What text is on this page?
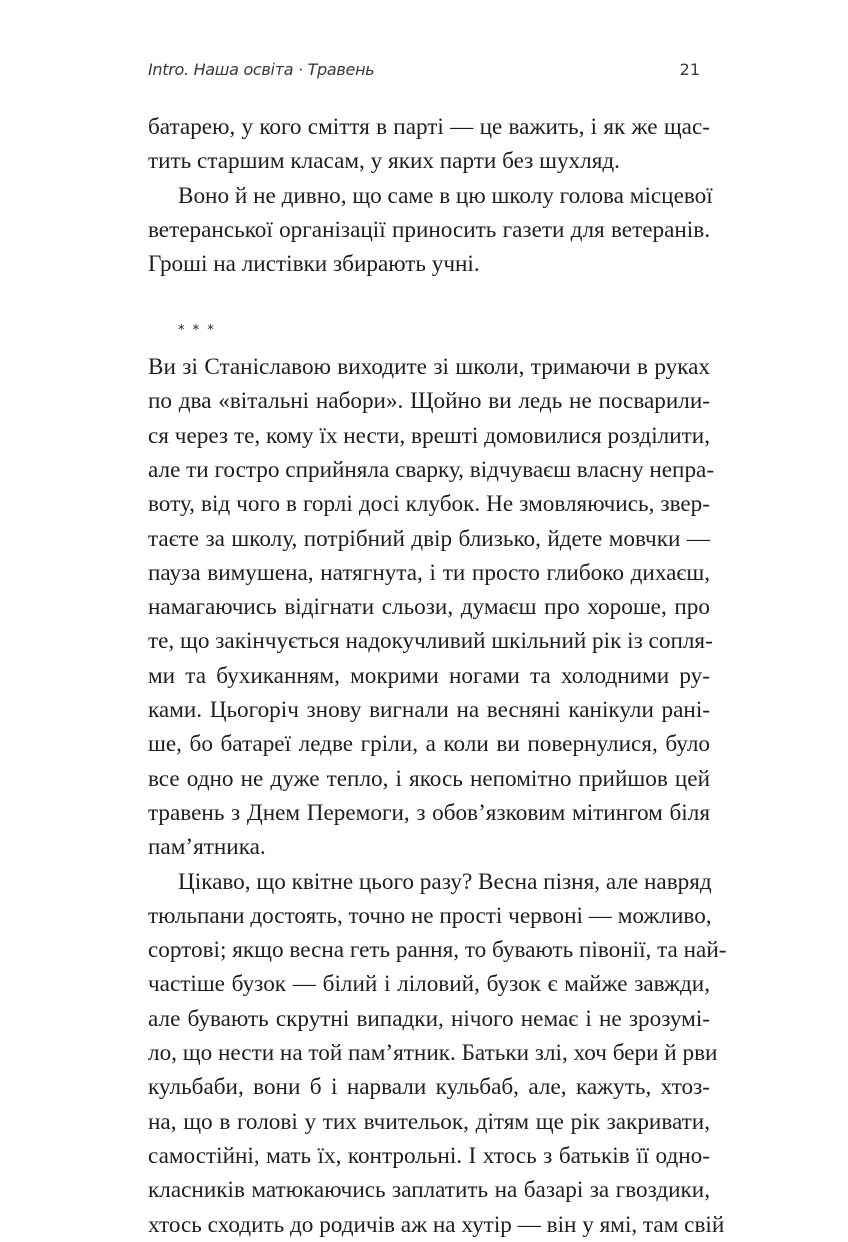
Intro. Наша освіта · Травень	21
батарею, у кого сміття в парті — це важить, і як же щас-
тить старшим класам, у яких парти без шухляд.
Воно й не дивно, що саме в цю школу голова місцевої
ветеранської організації приносить газети для ветеранів.
Гроші на листівки збирають учні.
* * *
Ви зі Станіславою виходите зі школи, тримаючи в руках
по два «вітальні набори». Щойно ви ледь не посварили-
ся через те, кому їх нести, врешті домовилися розділити,
але ти гостро сприйняла сварку, відчуваєш власну непра-
воту, від чого в горлі досі клубок. Не змовляючись, звер-
таєте за школу, потрібний двір близько, йдете мовчки —
пауза вимушена, натягнута, і ти просто глибоко дихаєш,
намагаючись відігнати сльози, думаєш про хороше, про
те, що закінчується надокучливий шкільний рік із сопля-
ми та бухиканням, мокрими ногами та холодними ру-
ками. Цьогоріч знову вигнали на весняні канікули рані-
ше, бо батареї ледве гріли, а коли ви повернулися, було
все одно не дуже тепло, і якось непомітно прийшов цей
травень з Днем Перемоги, з обов’язковим мітингом біля
пам’ятника.
Цікаво, що квітне цього разу? Весна пізня, але навряд
тюльпани достоять, точно не прості червоні — можливо,
сортові; якщо весна геть рання, то бувають півонії, та най-
частіше бузок — білий і ліловий, бузок є майже завжди,
але бувають скрутні випадки, нічого немає і не зрозумі-
ло, що нести на той пам’ятник. Батьки злі, хоч бери й рви
кульбаби, вони б і нарвали кульбаб, але, кажуть, хтоз-
на, що в голові у тих вчительок, дітям ще рік закривати,
самостійні, мать їх, контрольні. І хтось з батьків її одно-
класників матюкаючись заплатить на базарі за гвоздики,
хтось сходить до родичів аж на хутір — він у ямі, там свій
